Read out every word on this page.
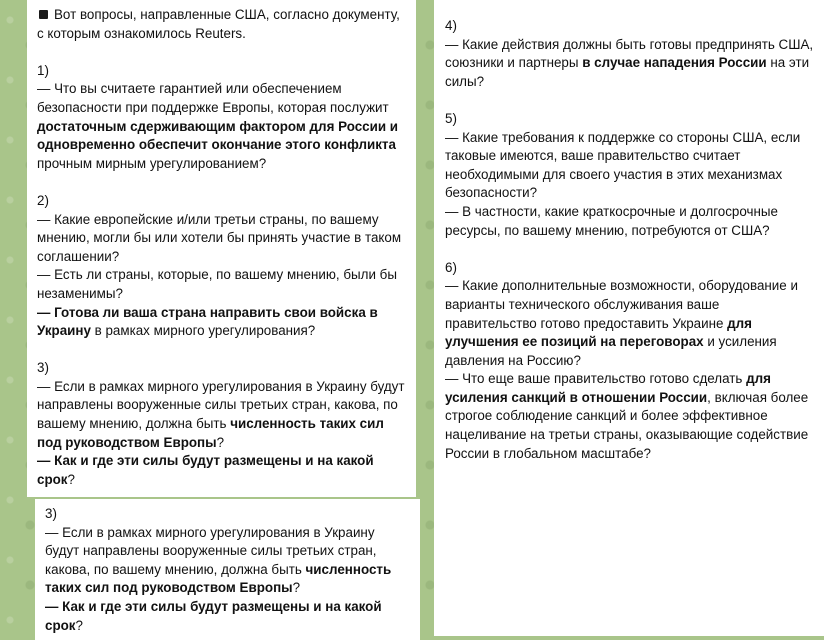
Вот вопросы, направленные США, согласно документу, с которым ознакомилось Reuters.

1)

— Что вы считаете гарантией или обеспечением безопасности при поддержке Европы, которая послужит достаточным сдерживающим фактором для России и одновременно обеспечит окончание этого конфликта прочным мирным урегулированием?

2)

— Какие европейские и/или третьи страны, по вашему мнению, могли бы или хотели бы принять участие в таком соглашении?

— Есть ли страны, которые, по вашему мнению, были бы незаменимы?

— Готова ли ваша страна направить свои войска в Украину в рамках мирного урегулирования?

3)

— Если в рамках мирного урегулирования в Украину будут направлены вооруженные силы третьих стран, какова, по вашему мнению, должна быть численность таких сил под руководством Европы?

— Как и где эти силы будут размещены и на какой срок?

3)

— Если в рамках мирного урегулирования в Украину будут направлены вооруженные силы третьих стран, какова, по вашему мнению, должна быть численность таких сил под руководством Европы?

— Как и где эти силы будут размещены и на какой срок?

4)

— Какие действия должны быть готовы предпринять США, союзники и партнеры в случае нападения России на эти силы?

5)

— Какие требования к поддержке со стороны США, если таковые имеются, ваше правительство считает необходимыми для своего участия в этих механизмах безопасности?

— В частности, какие краткосрочные и долгосрочные ресурсы, по вашему мнению, потребуются от США?

6)

— Какие дополнительные возможности, оборудование и варианты технического обслуживания ваше правительство готово предоставить Украине для улучшения ее позиций на переговорах и усиления давления на Россию?

— Что еще ваше правительство готово сделать для усиления санкций в отношении России, включая более строгое соблюдение санкций и более эффективное нацеливание на третьи страны, оказывающие содействие России в глобальном масштабе?
